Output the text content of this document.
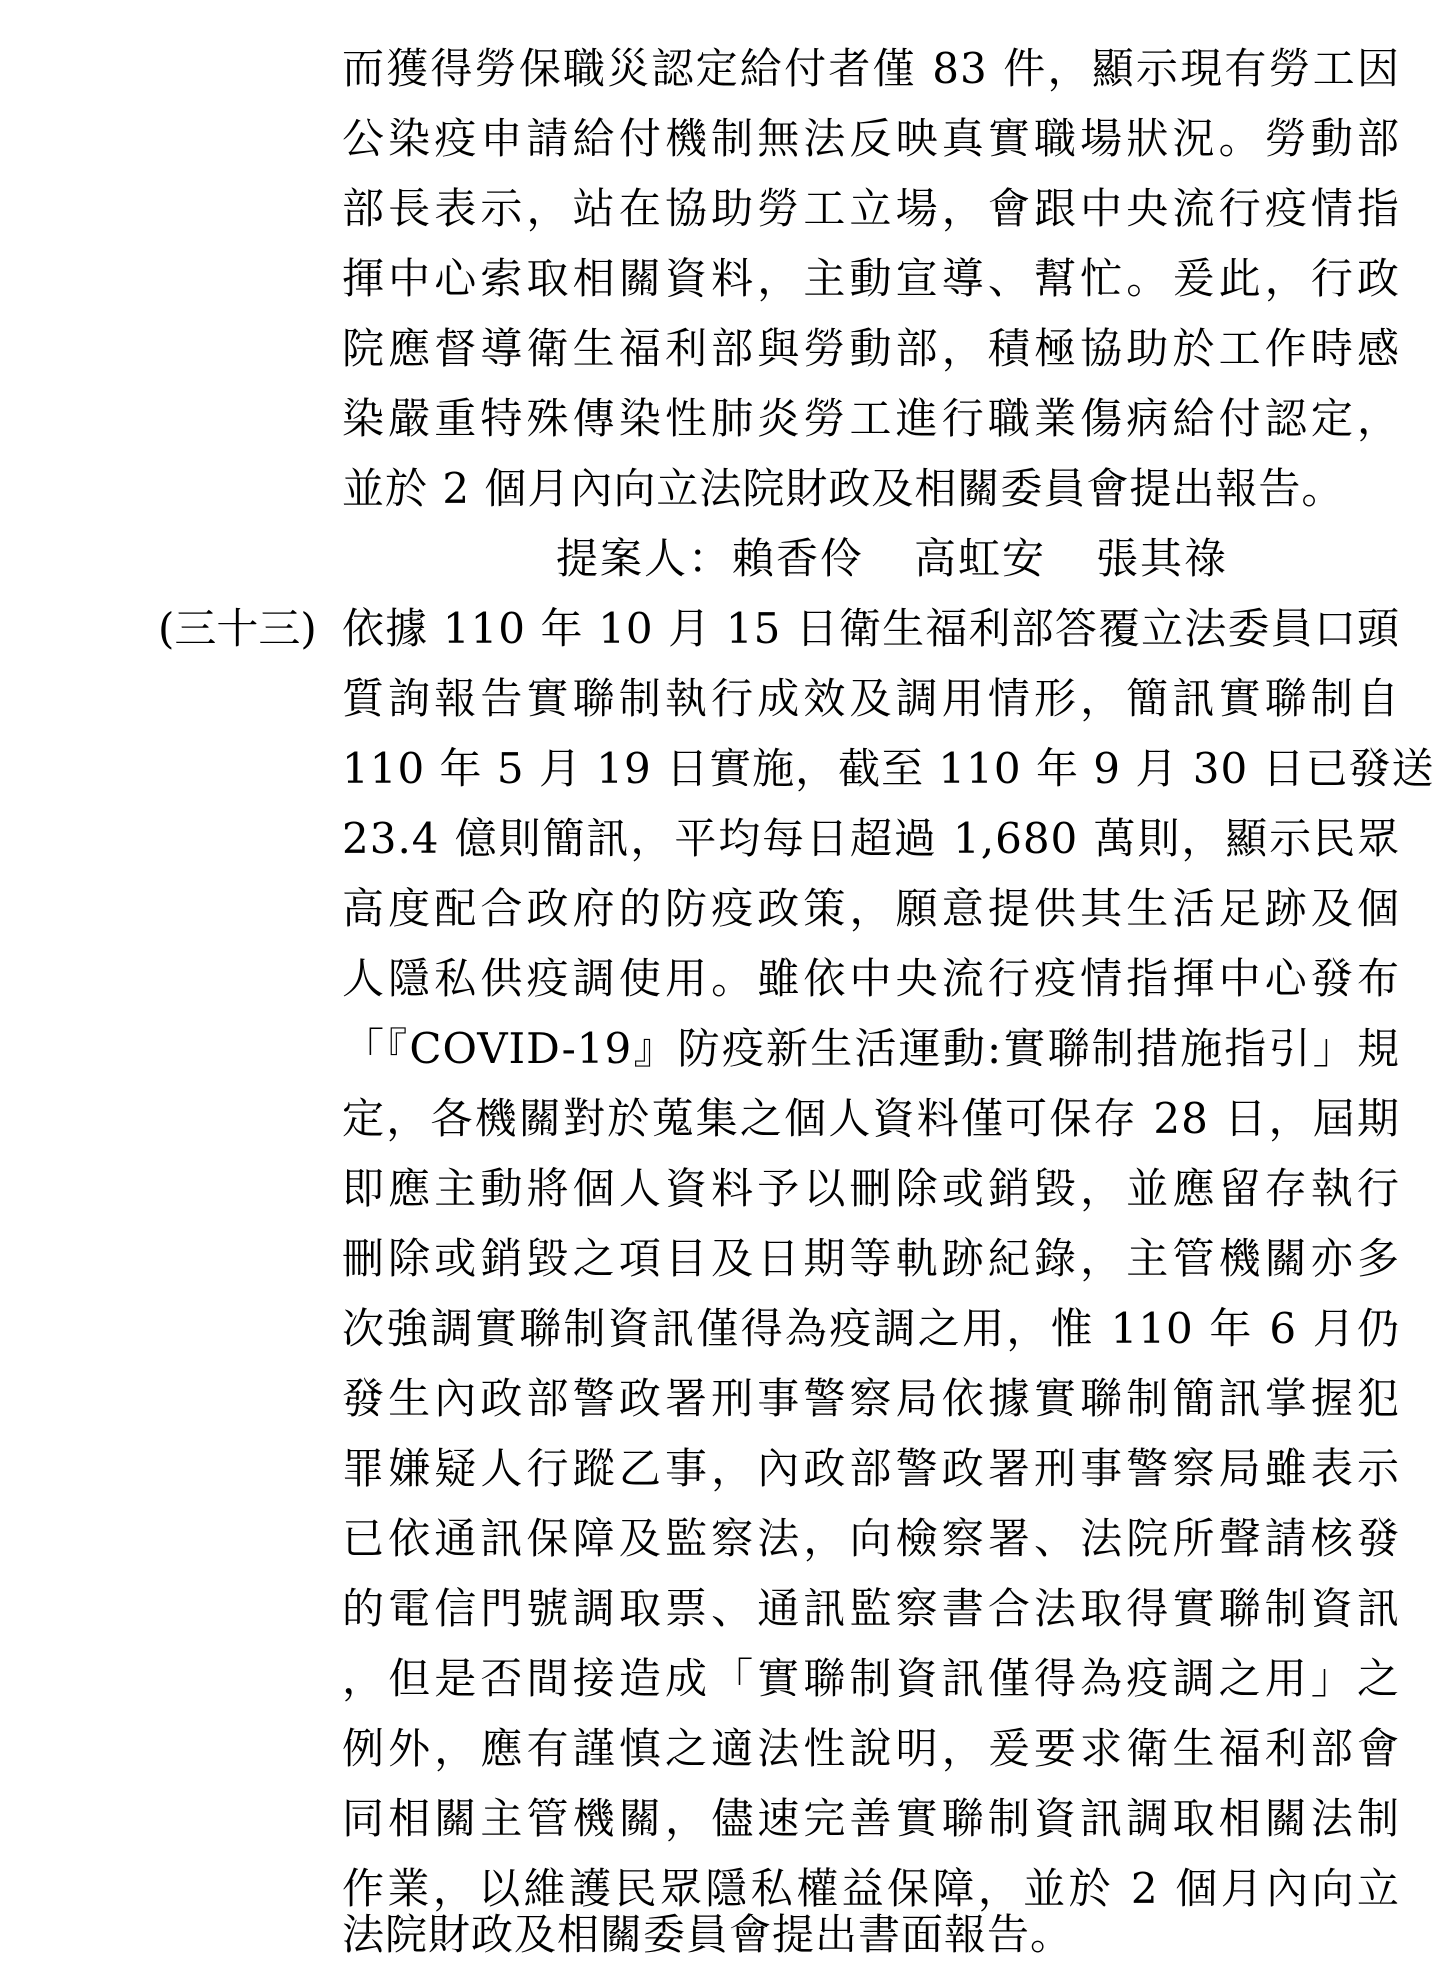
而獲得勞保職災認定給付者僅 83 件，顯示現有勞工因
公染疫申請給付機制無法反映真實職場狀況。勞動部
部長表示，站在協助勞工立場，會跟中央流行疫情指
揮中心索取相關資料，主動宣導、幫忙。爰此，行政
院應督導衛生福利部與勞動部，積極協助於工作時感
染嚴重特殊傳染性肺炎勞工進行職業傷病給付認定，
並於 2 個月內向立法院財政及相關委員會提出報告。
提案人：賴香伶 高虹安 張其祿
(三十三) 依據 110 年 10 月 15 日衛生福利部答覆立法委員口頭
質詢報告實聯制執行成效及調用情形，簡訊實聯制自
110 年 5 月 19 日實施，截至 110 年 9 月 30 日已發送
23.4 億則簡訊，平均每日超過 1,680 萬則，顯示民眾
高度配合政府的防疫政策，願意提供其生活足跡及個
人隱私供疫調使用。雖依中央流行疫情指揮中心發布
「『COVID-19』防疫新生活運動:實聯制措施指引」規
定，各機關對於蒐集之個人資料僅可保存 28 日，屆期
即應主動將個人資料予以刪除或銷毀，並應留存執行
刪除或銷毀之項目及日期等軌跡紀錄，主管機關亦多
次強調實聯制資訊僅得為疫調之用，惟 110 年 6 月仍
發生內政部警政署刑事警察局依據實聯制簡訊掌握犯
罪嫌疑人行蹤乙事，內政部警政署刑事警察局雖表示
已依通訊保障及監察法，向檢察署、法院所聲請核發
的電信門號調取票、通訊監察書合法取得實聯制資訊
，但是否間接造成「實聯制資訊僅得為疫調之用」之
例外，應有謹慎之適法性說明，爰要求衛生福利部會
同相關主管機關，儘速完善實聯制資訊調取相關法制
作業，以維護民眾隱私權益保障，並於 2 個月內向立
法院財政及相關委員會提出書面報告。
